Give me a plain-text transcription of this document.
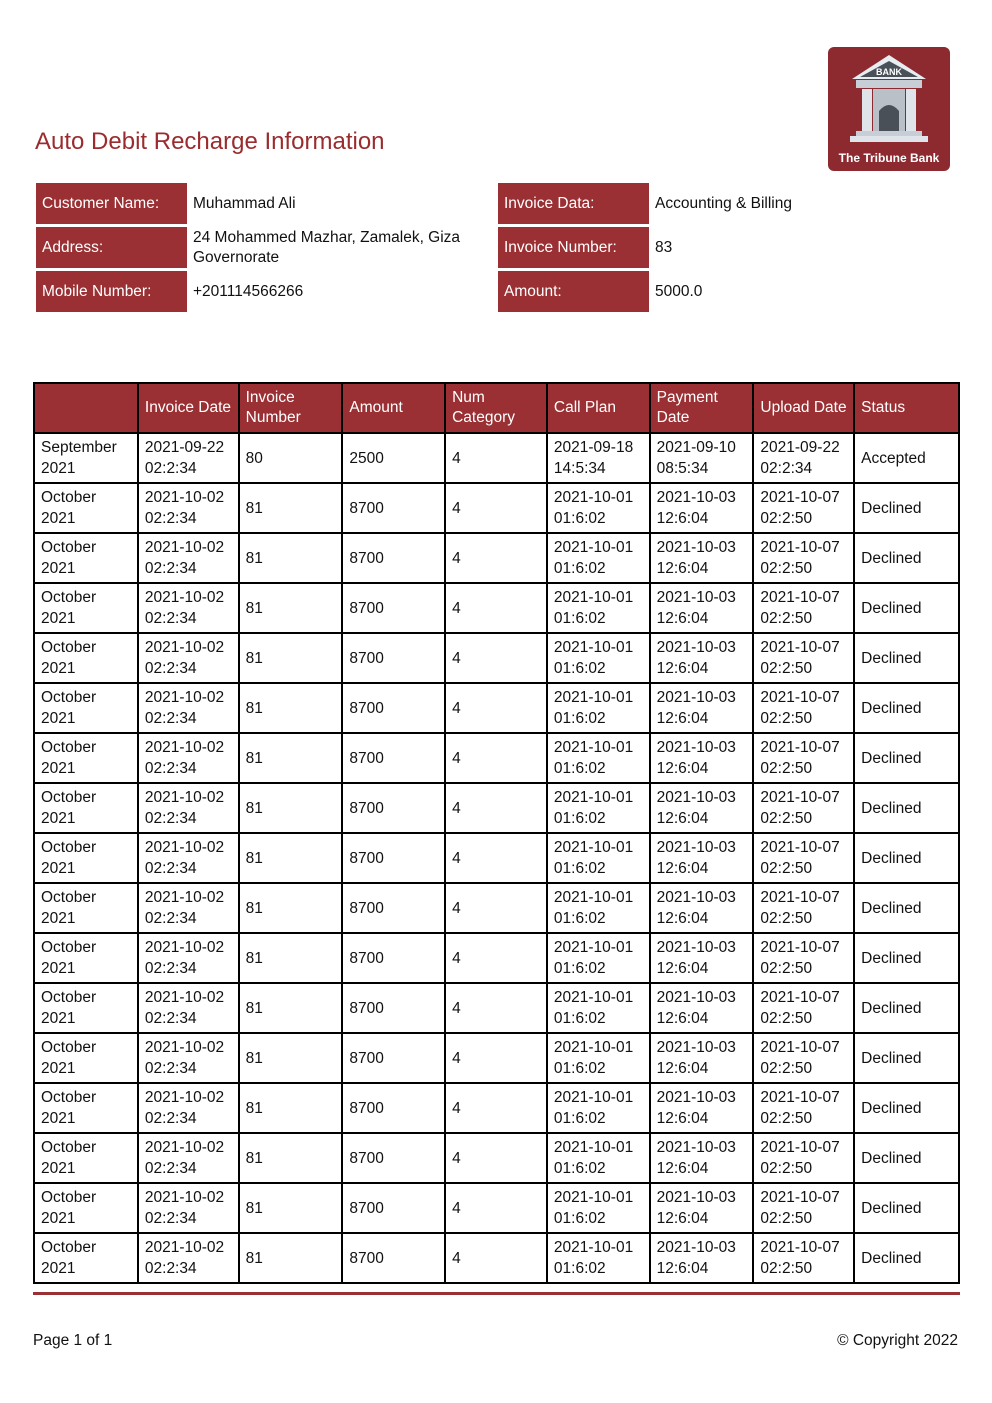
Auto Debit Recharge Information
BANK
The Tribune Bank
Customer Name:	Muhammad Ali
Address:	24 Mohammed Mazhar, Zamalek, Giza Governorate
Mobile Number:	+201114566266
Invoice Data:	Accounting & Billing
Invoice Number:	83
Amount:	5000.0
	Invoice Date	Invoice Number	Amount	Num Category	Call Plan	Payment Date	Upload Date	Status
September 2021	2021-09-22 02:2:34	80	2500	4	2021-09-18 14:5:34	2021-09-10 08:5:34	2021-09-22 02:2:34	Accepted
October 2021	2021-10-02 02:2:34	81	8700	4	2021-10-01 01:6:02	2021-10-03 12:6:04	2021-10-07 02:2:50	Declined
October 2021	2021-10-02 02:2:34	81	8700	4	2021-10-01 01:6:02	2021-10-03 12:6:04	2021-10-07 02:2:50	Declined
October 2021	2021-10-02 02:2:34	81	8700	4	2021-10-01 01:6:02	2021-10-03 12:6:04	2021-10-07 02:2:50	Declined
October 2021	2021-10-02 02:2:34	81	8700	4	2021-10-01 01:6:02	2021-10-03 12:6:04	2021-10-07 02:2:50	Declined
October 2021	2021-10-02 02:2:34	81	8700	4	2021-10-01 01:6:02	2021-10-03 12:6:04	2021-10-07 02:2:50	Declined
October 2021	2021-10-02 02:2:34	81	8700	4	2021-10-01 01:6:02	2021-10-03 12:6:04	2021-10-07 02:2:50	Declined
October 2021	2021-10-02 02:2:34	81	8700	4	2021-10-01 01:6:02	2021-10-03 12:6:04	2021-10-07 02:2:50	Declined
October 2021	2021-10-02 02:2:34	81	8700	4	2021-10-01 01:6:02	2021-10-03 12:6:04	2021-10-07 02:2:50	Declined
October 2021	2021-10-02 02:2:34	81	8700	4	2021-10-01 01:6:02	2021-10-03 12:6:04	2021-10-07 02:2:50	Declined
October 2021	2021-10-02 02:2:34	81	8700	4	2021-10-01 01:6:02	2021-10-03 12:6:04	2021-10-07 02:2:50	Declined
October 2021	2021-10-02 02:2:34	81	8700	4	2021-10-01 01:6:02	2021-10-03 12:6:04	2021-10-07 02:2:50	Declined
October 2021	2021-10-02 02:2:34	81	8700	4	2021-10-01 01:6:02	2021-10-03 12:6:04	2021-10-07 02:2:50	Declined
October 2021	2021-10-02 02:2:34	81	8700	4	2021-10-01 01:6:02	2021-10-03 12:6:04	2021-10-07 02:2:50	Declined
October 2021	2021-10-02 02:2:34	81	8700	4	2021-10-01 01:6:02	2021-10-03 12:6:04	2021-10-07 02:2:50	Declined
October 2021	2021-10-02 02:2:34	81	8700	4	2021-10-01 01:6:02	2021-10-03 12:6:04	2021-10-07 02:2:50	Declined
October 2021	2021-10-02 02:2:34	81	8700	4	2021-10-01 01:6:02	2021-10-03 12:6:04	2021-10-07 02:2:50	Declined
Page 1 of 1	© Copyright 2022
